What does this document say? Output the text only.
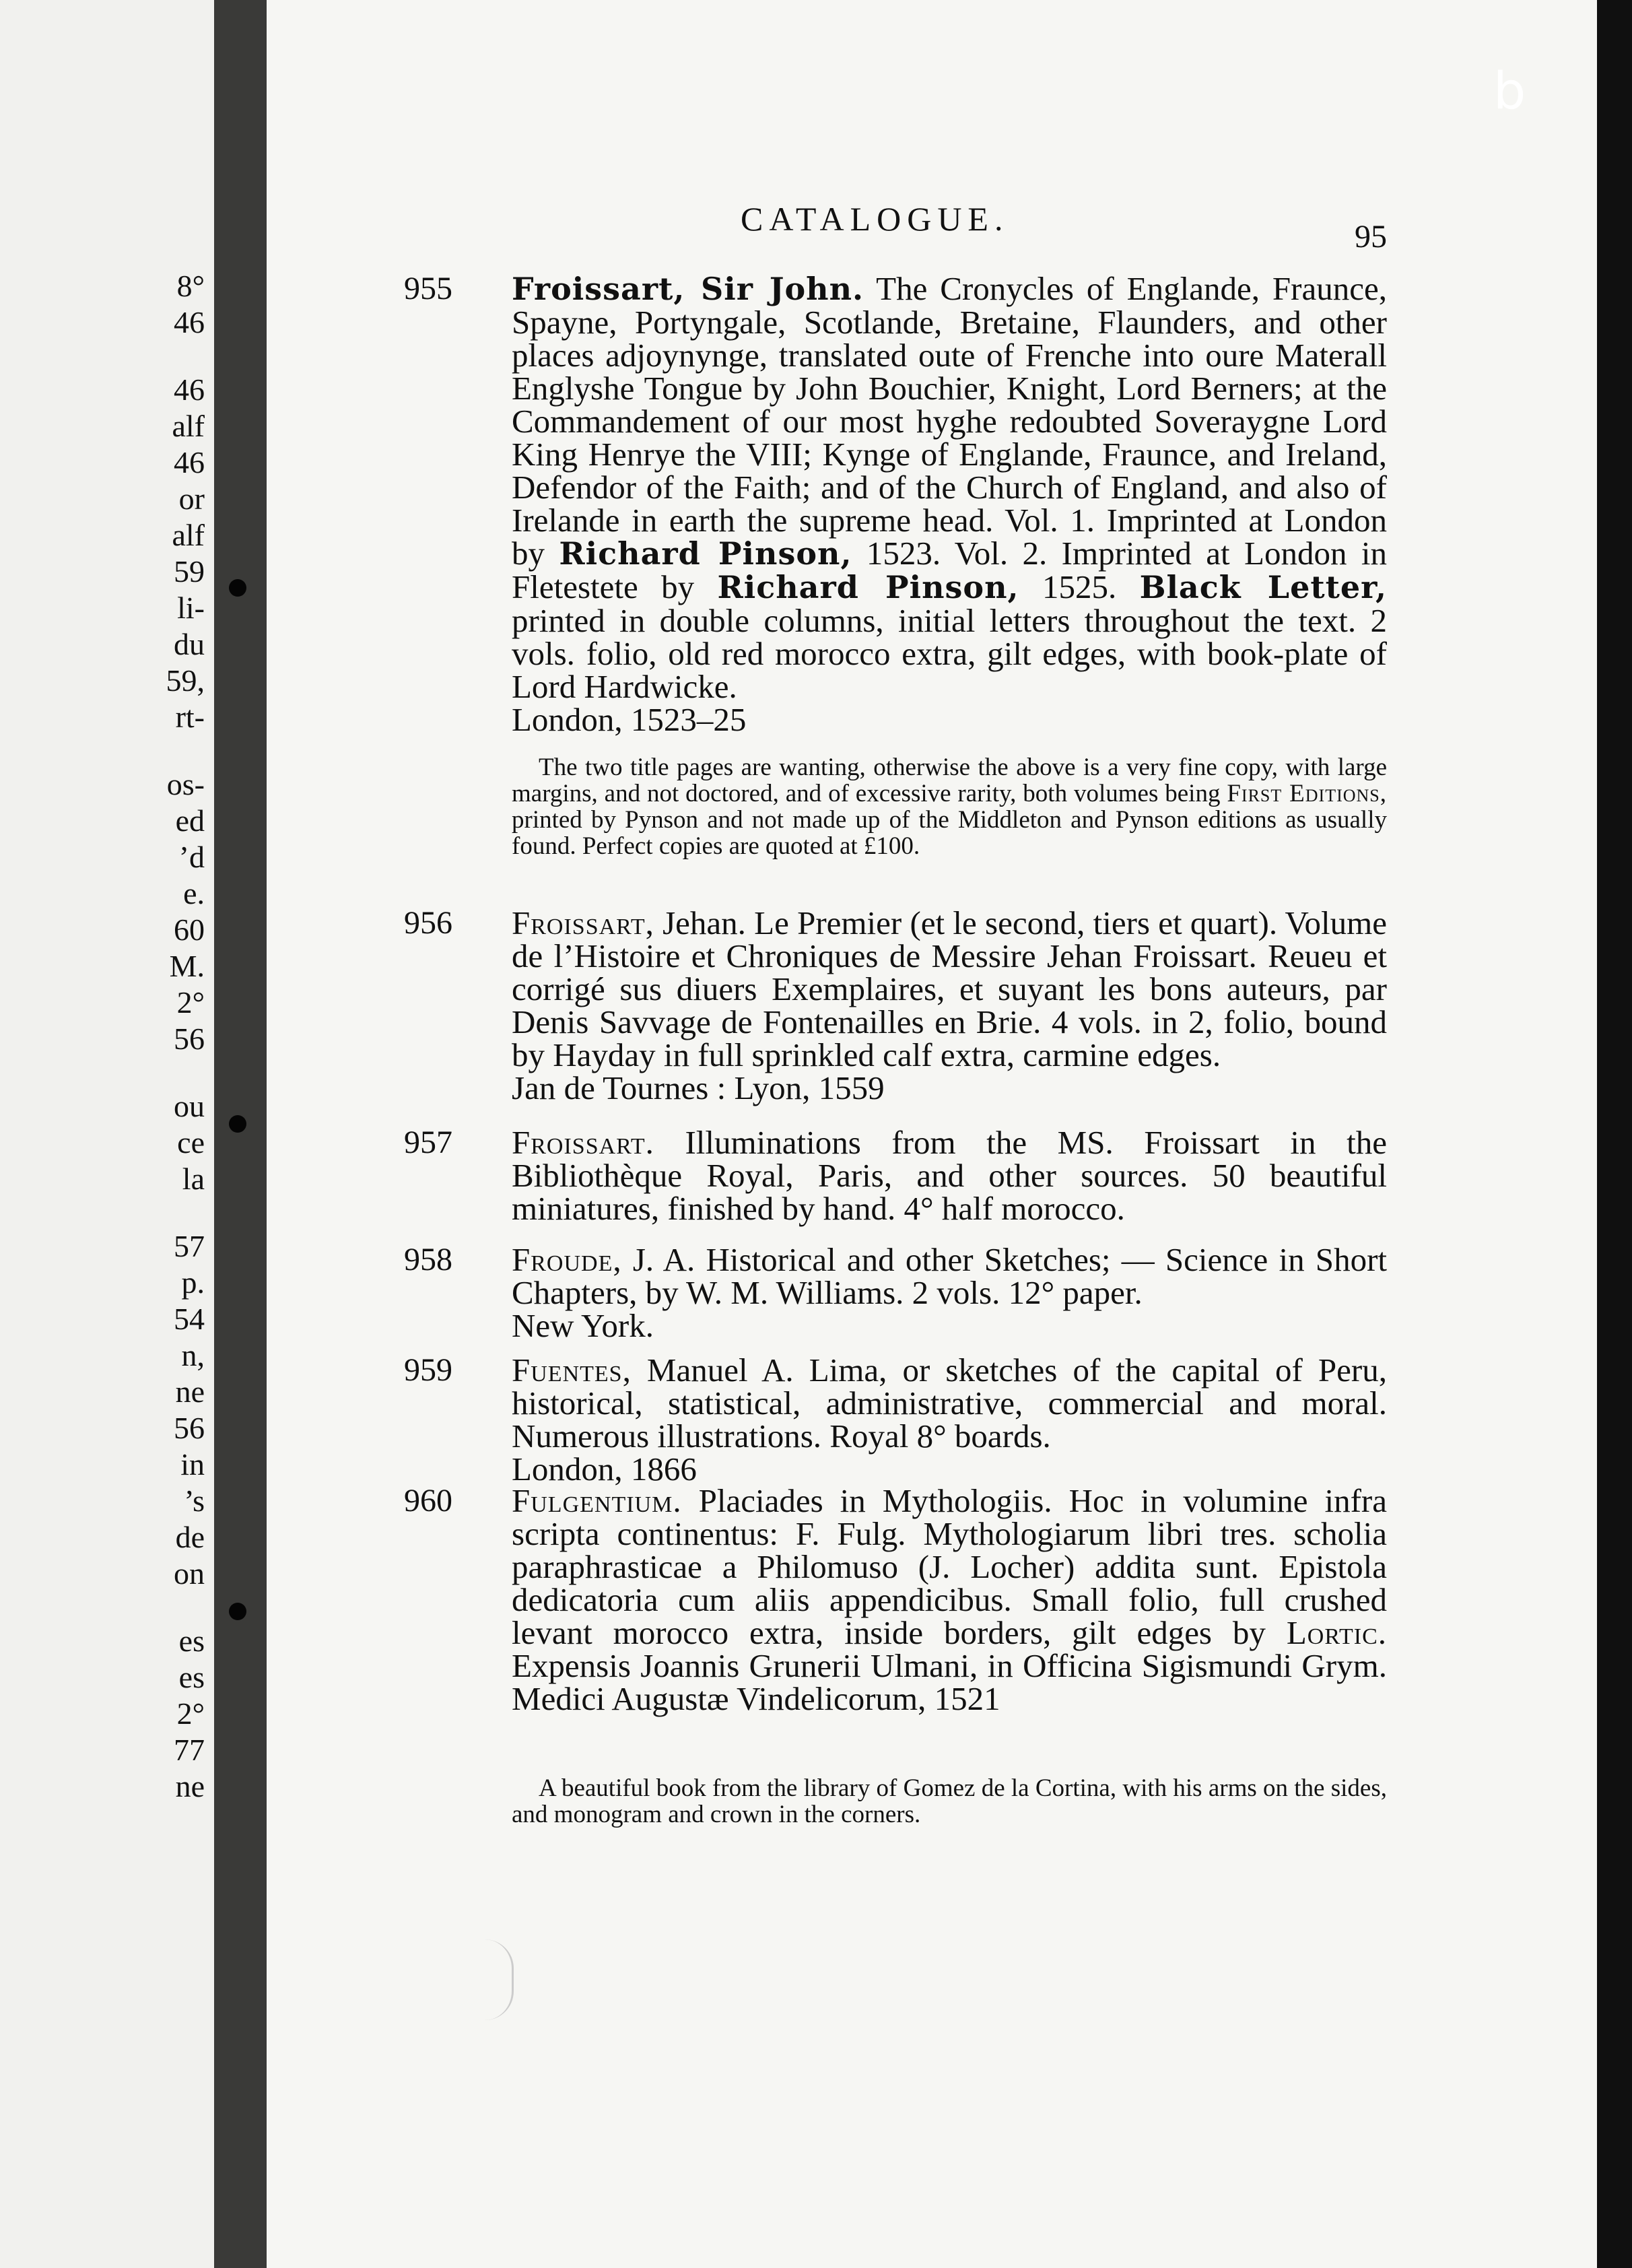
8°
46
46
alf
46
or
alf
59
li-
du
59,
rt-
os-
ed
’d
e.
60
M.
2°
56
ou
ce
la
57
p.
54
n,
ne
56
in
’s
de
on
es
es
2°
77
ne
b
CATALOGUE.	95
955 Froissart, Sir John. The Cronycles of Englande, Fraunce, Spayne, Portyngale, Scotlande, Bretaine, Flaunders, and other places adjoynynge, translated oute of Frenche into oure Materall Englyshe Tongue by John Bouchier, Knight, Lord Berners; at the Commandement of our most hyghe redoubted Soveraygne Lord King Henrye the VIII; Kynge of Englande, Fraunce, and Ireland, Defendor of the Faith; and of the Church of England, and also of Irelande in earth the supreme head. Vol. 1. Imprinted at London by Richard Pinson, 1523. Vol. 2. Imprinted at London in Fletestete by Richard Pinson, 1525. Black Letter, printed in double columns, initial letters throughout the text. 2 vols. folio, old red morocco extra, gilt edges, with book-plate of Lord Hardwicke.
London, 1523–25
The two title pages are wanting, otherwise the above is a very fine copy, with large margins, and not doctored, and of excessive rarity, both volumes being First Editions, printed by Pynson and not made up of the Middleton and Pynson editions as usually found. Perfect copies are quoted at £100.
956 Froissart, Jehan. Le Premier (et le second, tiers et quart). Volume de l’Histoire et Chroniques de Messire Jehan Froissart. Reueu et corrigé sus diuers Exemplaires, et suyant les bons auteurs, par Denis Savvage de Fontenailles en Brie. 4 vols. in 2, folio, bound by Hayday in full sprinkled calf extra, carmine edges.
Jan de Tournes : Lyon, 1559
957 Froissart. Illuminations from the MS. Froissart in the Bibliothèque Royal, Paris, and other sources. 50 beautiful miniatures, finished by hand. 4° half morocco.
958 Froude, J. A. Historical and other Sketches; — Science in Short Chapters, by W. M. Williams. 2 vols. 12° paper.
New York.
959 Fuentes, Manuel A. Lima, or sketches of the capital of Peru, historical, statistical, administrative, commercial and moral. Numerous illustrations. Royal 8° boards.
London, 1866
960 Fulgentium. Placiades in Mythologiis. Hoc in volumine infra scripta continentus: F. Fulg. Mythologiarum libri tres. scholia paraphrasticae a Philomuso (J. Locher) addita sunt. Epistola dedicatoria cum aliis appendicibus. Small folio, full crushed levant morocco extra, inside borders, gilt edges by Lortic. Expensis Joannis Grunerii Ulmani, in Officina Sigismundi Grym. Medici Augustæ Vindelicorum, 1521
A beautiful book from the library of Gomez de la Cortina, with his arms on the sides, and monogram and crown in the corners.
